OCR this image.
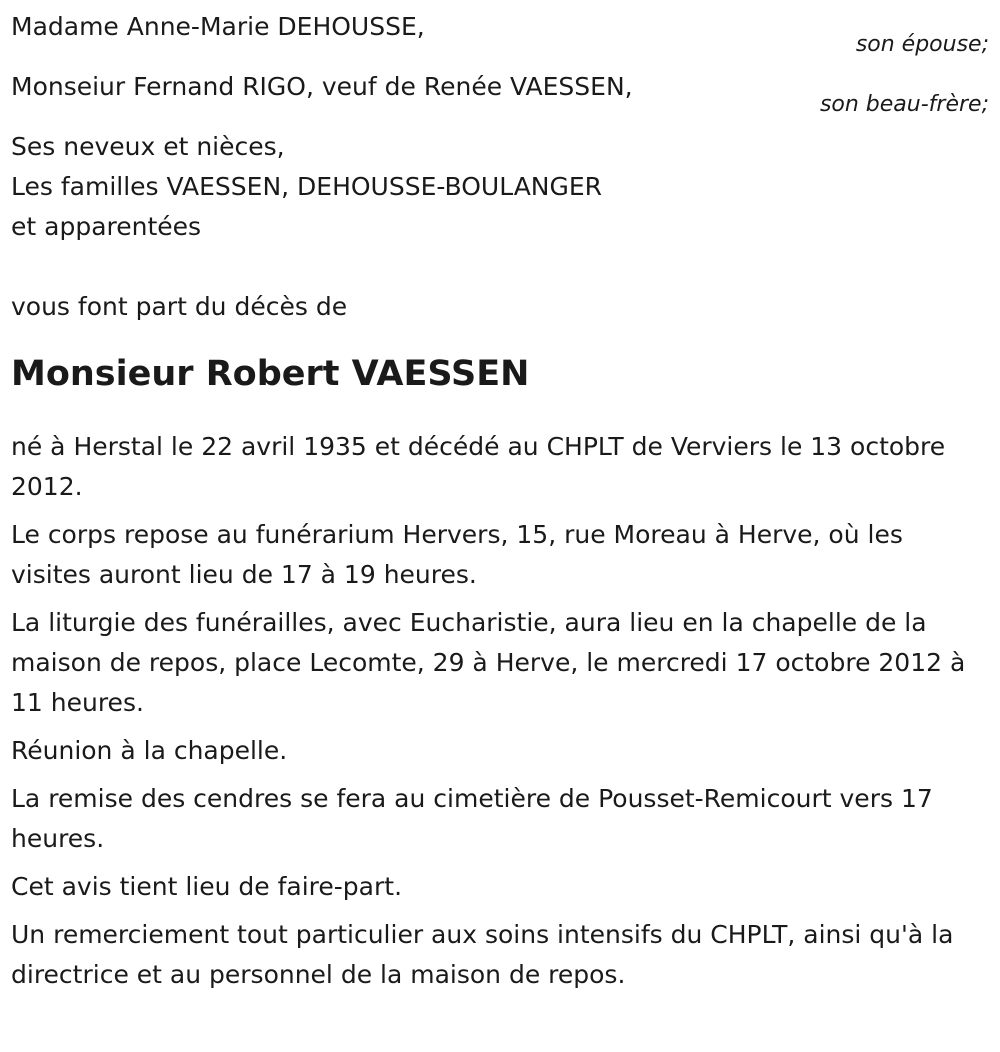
Madame Anne-Marie DEHOUSSE,
son épouse;
Monseiur Fernand RIGO, veuf de Renée VAESSEN,
son beau-frère;
Ses neveux et nièces,
Les familles VAESSEN, DEHOUSSE-BOULANGER
et apparentées
vous font part du décès de
Monsieur Robert VAESSEN
né à Herstal le 22 avril 1935 et décédé au CHPLT de Verviers le 13 octobre 2012.
Le corps repose au funérarium Hervers, 15, rue Moreau à Herve, où les visites auront lieu de 17 à 19 heures.
La liturgie des funérailles, avec Eucharistie, aura lieu en la chapelle de la maison de repos, place Lecomte, 29 à Herve, le mercredi 17 octobre 2012 à 11 heures.
Réunion à la chapelle.
La remise des cendres se fera au cimetière de Pousset-Remicourt vers 17 heures.
Cet avis tient lieu de faire-part.
Un remerciement tout particulier aux soins intensifs du CHPLT, ainsi qu'à la directrice et au personnel de la maison de repos.
